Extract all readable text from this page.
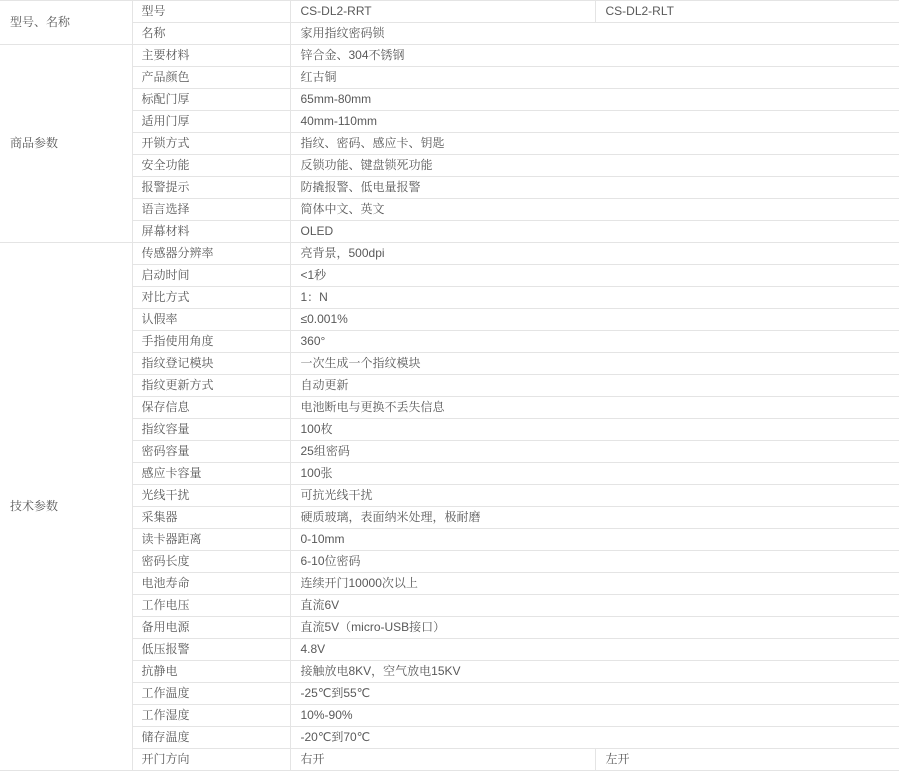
型号、名称	型号	CS-DL2-RRT	CS-DL2-RLT
	名称	家用指纹密码锁	
商品参数	主要材料	锌合金、304不锈钢	
	产品颜色	红古铜	
	标配门厚	65mm-80mm	
	适用门厚	40mm-110mm	
	开锁方式	指纹、密码、感应卡、钥匙	
	安全功能	反锁功能、键盘锁死功能	
	报警提示	防撬报警、低电量报警	
	语言选择	简体中文、英文	
	屏幕材料	OLED	
技术参数	传感器分辨率	亮背景，500dpi	
	启动时间	<1秒	
	对比方式	1：N	
	认假率	≤0.001%	
	手指使用角度	360°	
	指纹登记模块	一次生成一个指纹模块	
	指纹更新方式	自动更新	
	保存信息	电池断电与更换不丢失信息	
	指纹容量	100枚	
	密码容量	25组密码	
	感应卡容量	100张	
	光线干扰	可抗光线干扰	
	采集器	硬质玻璃，表面纳米处理，极耐磨	
	读卡器距离	0-10mm	
	密码长度	6-10位密码	
	电池寿命	连续开门10000次以上	
	工作电压	直流6V	
	备用电源	直流5V（micro-USB接口）	
	低压报警	4.8V	
	抗静电	接触放电8KV，空气放电15KV	
	工作温度	-25℃到55℃	
	工作湿度	10%-90%	
	储存温度	-20℃到70℃	
	开门方向	右开	左开
